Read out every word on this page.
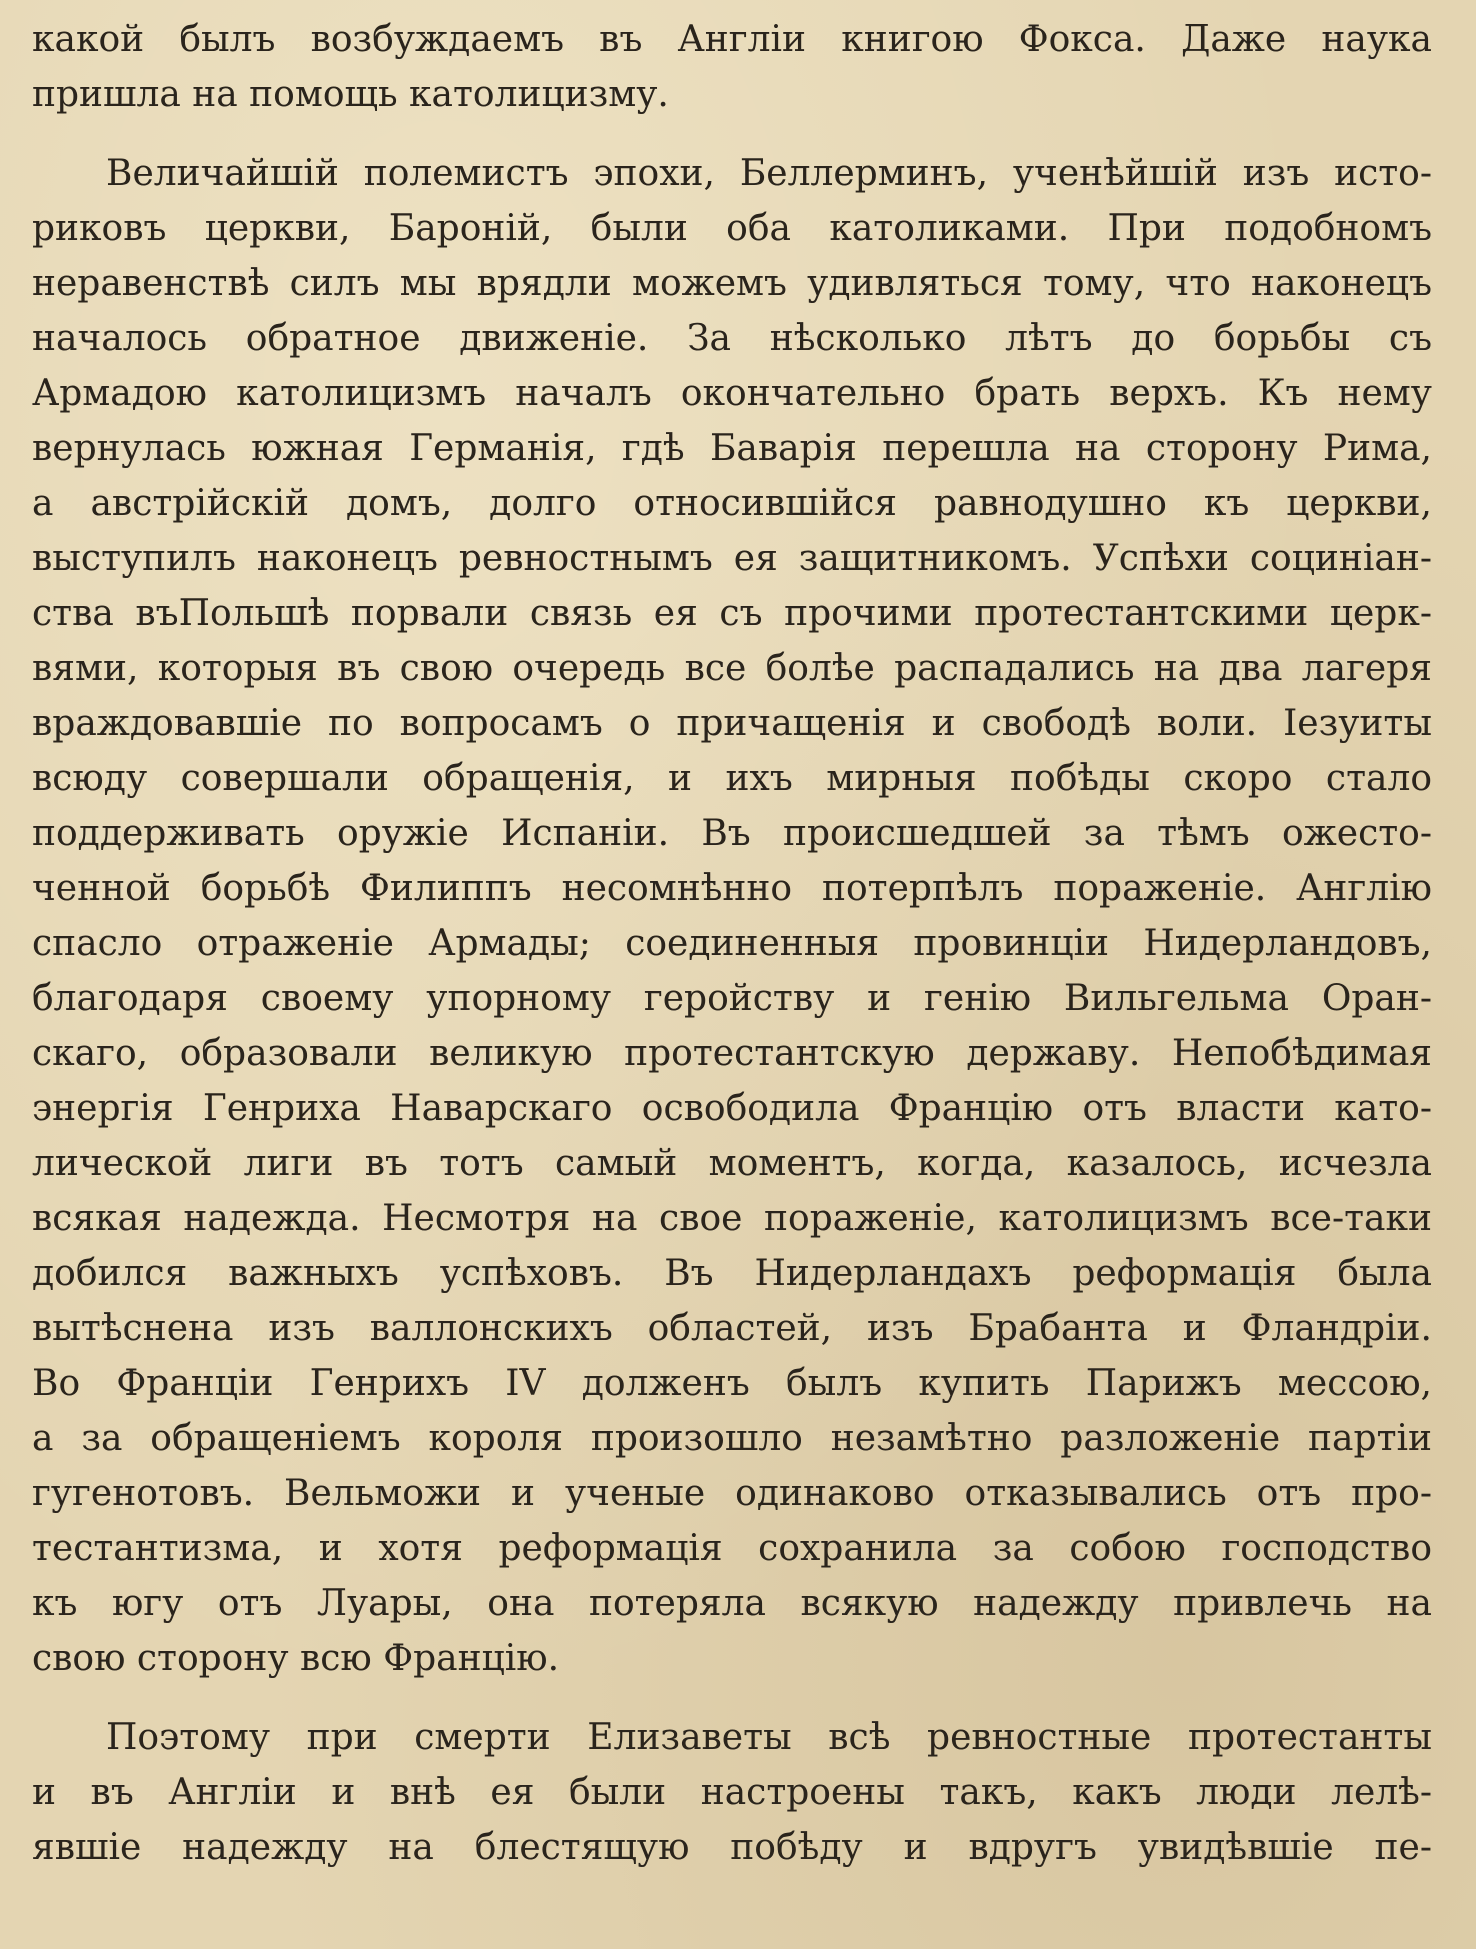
какой былъ возбуждаемъ въ Англіи книгою Фокса. Даже наука
пришла на помощь католицизму.
Величайшій полемистъ эпохи, Беллерминъ, ученѣйшій изъ исто-
риковъ церкви, Бароній, были оба католиками. При подобномъ
неравенствѣ силъ мы врядли можемъ удивляться тому, что наконецъ
началось обратное движеніе. За нѣсколько лѣтъ до борьбы съ
Армадою католицизмъ началъ окончательно брать верхъ. Къ нему
вернулась южная Германія, гдѣ Баварія перешла на сторону Рима,
а австрійскій домъ, долго относившійся равнодушно къ церкви,
выступилъ наконецъ ревностнымъ ея защитникомъ. Успѣхи социніан-
ства въПольшѣ порвали связь ея съ прочими протестантскими церк-
вями, которыя въ свою очередь все болѣе распадались на два лагеря
враждовавшіе по вопросамъ о причащенія и свободѣ воли. Іезуиты
всюду совершали обращенія, и ихъ мирныя побѣды скоро стало
поддерживать оружіе Испаніи. Въ происшедшей за тѣмъ ожесто-
ченной борьбѣ Филиппъ несомнѣнно потерпѣлъ пораженіе. Англію
спасло отраженіе Армады; соединенныя провинціи Нидерландовъ,
благодаря своему упорному геройству и генію Вильгельма Оран-
скаго, образовали великую протестантскую державу. Непобѣдимая
энергія Генриха Наварскаго освободила Францію отъ власти като-
лической лиги въ тотъ самый моментъ, когда, казалось, исчезла
всякая надежда. Несмотря на свое пораженіе, католицизмъ все-таки
добился важныхъ успѣховъ. Въ Нидерландахъ реформація была
вытѣснена изъ валлонскихъ областей, изъ Брабанта и Фландріи.
Во Франціи Генрихъ IV долженъ былъ купить Парижъ мессою,
а за обращеніемъ короля произошло незамѣтно разложеніе партіи
гугенотовъ. Вельможи и ученые одинаково отказывались отъ про-
тестантизма, и хотя реформація сохранила за собою господство
къ югу отъ Луары, она потеряла всякую надежду привлечь на
свою сторону всю Францію.
Поэтому при смерти Елизаветы всѣ ревностные протестанты
и въ Англіи и внѣ ея были настроены такъ, какъ люди лелѣ-
явшіе надежду на блестящую побѣду и вдругъ увидѣвшіе пе-
